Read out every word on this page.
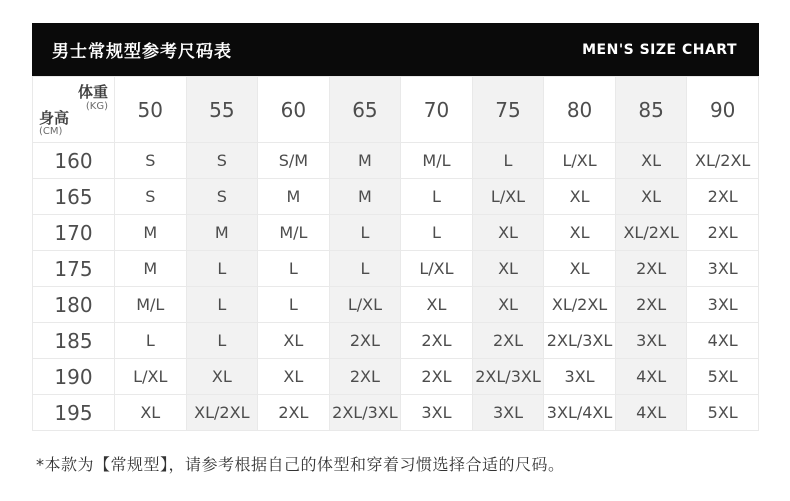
男士常规型参考尺码表	MEN'S SIZE CHART
体重
(KG)
身高
(CM)	50	55	60	65	70	75	80	85	90
160	S	S	S/M	M	M/L	L	L/XL	XL	XL/2XL
165	S	S	M	M	L	L/XL	XL	XL	2XL
170	M	M	M/L	L	L	XL	XL	XL/2XL	2XL
175	M	L	L	L	L/XL	XL	XL	2XL	3XL
180	M/L	L	L	L/XL	XL	XL	XL/2XL	2XL	3XL
185	L	L	XL	2XL	2XL	2XL	2XL/3XL	3XL	4XL
190	L/XL	XL	XL	2XL	2XL	2XL/3XL	3XL	4XL	5XL
195	XL	XL/2XL	2XL	2XL/3XL	3XL	3XL	3XL/4XL	4XL	5XL
*本款为【常规型】，请参考根据自己的体型和穿着习惯选择合适的尺码。
